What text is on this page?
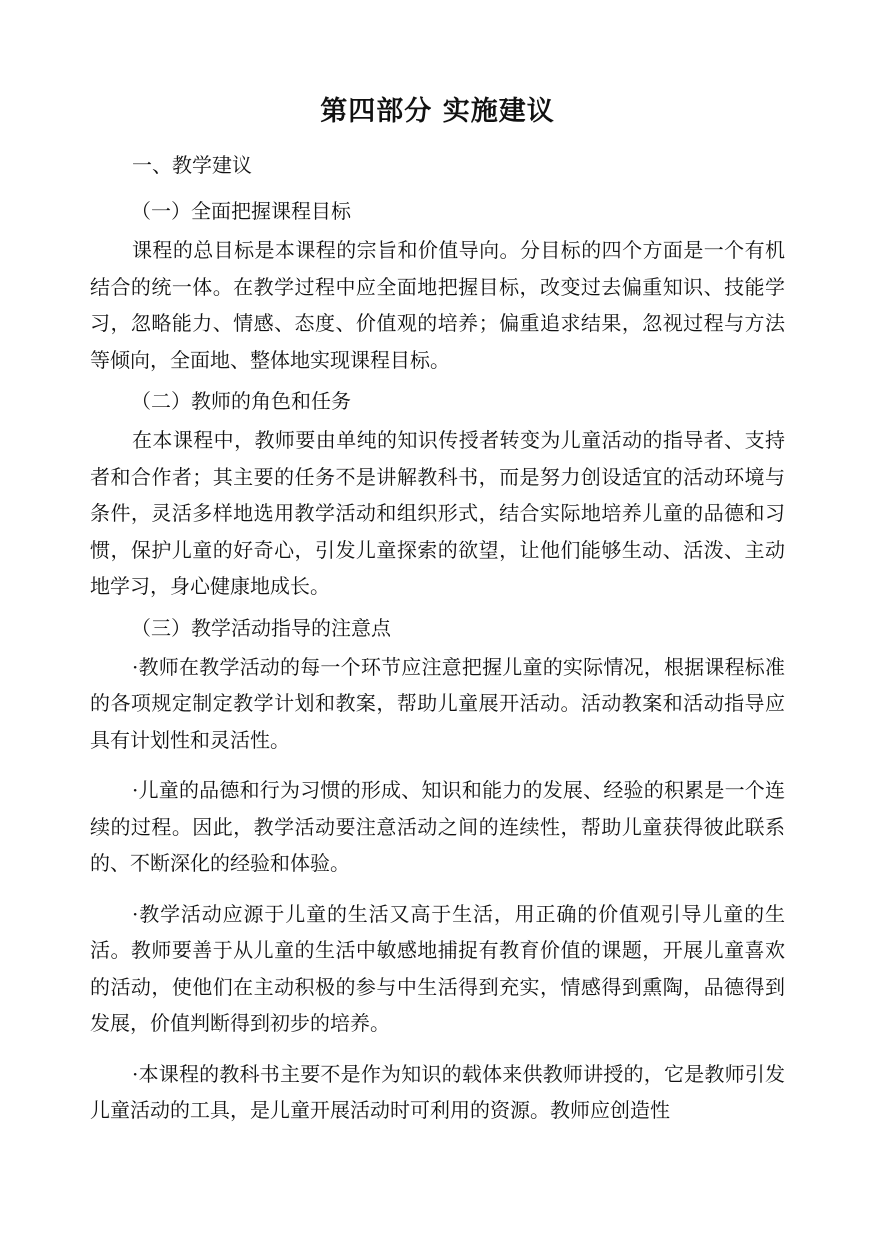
第四部分 实施建议

一、教学建议

（一）全面把握课程目标

课程的总目标是本课程的宗旨和价值导向。分目标的四个方面是一个有机结合的统一体。在教学过程中应全面地把握目标，改变过去偏重知识、技能学习，忽略能力、情感、态度、价值观的培养；偏重追求结果，忽视过程与方法等倾向，全面地、整体地实现课程目标。

（二）教师的角色和任务

在本课程中，教师要由单纯的知识传授者转变为儿童活动的指导者、支持者和合作者；其主要的任务不是讲解教科书，而是努力创设适宜的活动环境与条件，灵活多样地选用教学活动和组织形式，结合实际地培养儿童的品德和习惯，保护儿童的好奇心，引发儿童探索的欲望，让他们能够生动、活泼、主动地学习，身心健康地成长。

（三）教学活动指导的注意点

·教师在教学活动的每一个环节应注意把握儿童的实际情况，根据课程标准的各项规定制定教学计划和教案，帮助儿童展开活动。活动教案和活动指导应具有计划性和灵活性。

·儿童的品德和行为习惯的形成、知识和能力的发展、经验的积累是一个连续的过程。因此，教学活动要注意活动之间的连续性，帮助儿童获得彼此联系的、不断深化的经验和体验。

·教学活动应源于儿童的生活又高于生活，用正确的价值观引导儿童的生活。教师要善于从儿童的生活中敏感地捕捉有教育价值的课题，开展儿童喜欢的活动，使他们在主动积极的参与中生活得到充实，情感得到熏陶，品德得到发展，价值判断得到初步的培养。

·本课程的教科书主要不是作为知识的载体来供教师讲授的，它是教师引发儿童活动的工具，是儿童开展活动时可利用的资源。教师应创造性
